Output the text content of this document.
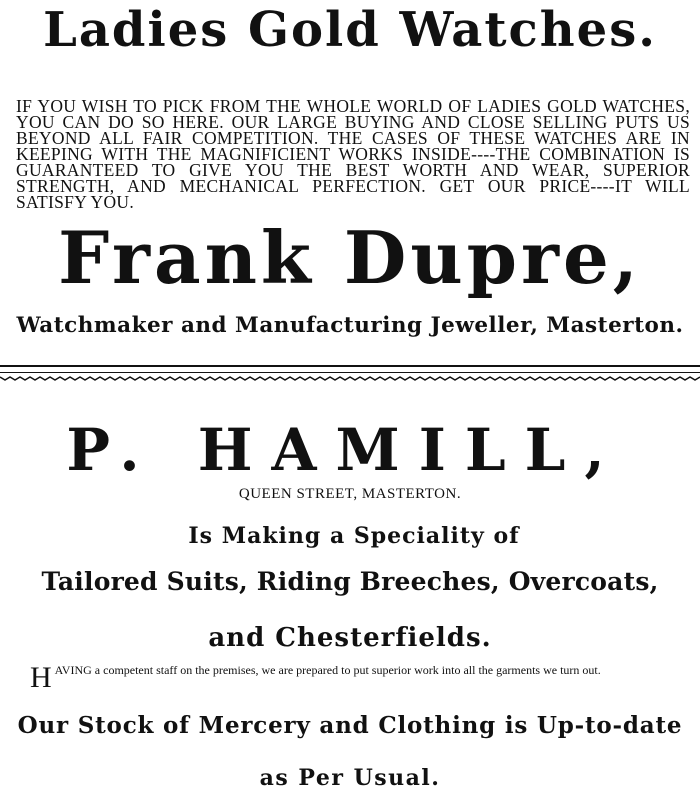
Ladies Gold Watches.
IF YOU WISH TO PICK FROM THE WHOLE WORLD OF LADIES GOLD WATCHES, YOU CAN DO SO HERE. OUR LARGE BUYING AND CLOSE SELLING PUTS US BEYOND ALL FAIR COMPETITION. THE CASES OF THESE WATCHES ARE IN KEEPING WITH THE MAGNIFICIENT WORKS INSIDE----THE COMBINATION IS GUARANTEED TO GIVE YOU THE BEST WORTH AND WEAR, SUPERIOR STRENGTH, AND MECHANICAL PERFECTION. GET OUR PRICE----IT WILL SATISFY YOU.
Frank Dupre,
Watchmaker and Manufacturing Jeweller, Masterton.
P. HAMILL,
QUEEN STREET, MASTERTON.
Is Making a Speciality of
Tailored Suits, Riding Breeches, Overcoats,
and Chesterfields.
H AVING a competent staff on the premises, we are prepared to put superior work into all the garments we turn out.
Our Stock of Mercery and Clothing is Up-to-date
as Per Usual.
